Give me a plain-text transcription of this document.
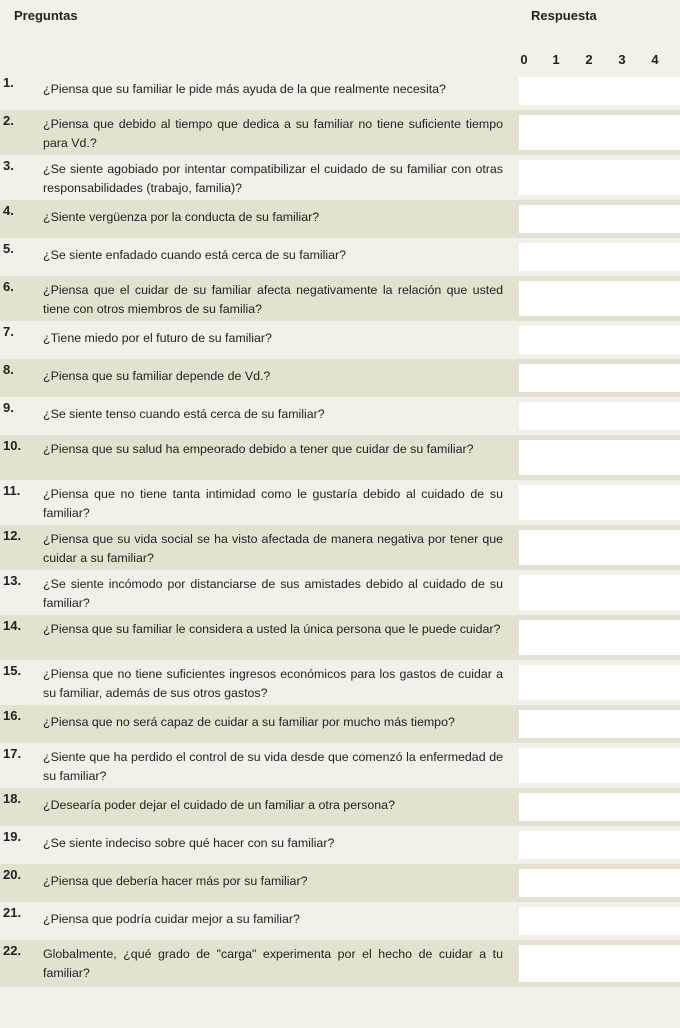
Preguntas	Respuesta
0	1	2	3	4
1. ¿Piensa que su familiar le pide más ayuda de la que realmente necesita?
2. ¿Piensa que debido al tiempo que dedica a su familiar no tiene suficiente tiempo para Vd.?
3. ¿Se siente agobiado por intentar compatibilizar el cuidado de su familiar con otras responsabilidades (trabajo, familia)?
4. ¿Siente vergüenza por la conducta de su familiar?
5. ¿Se siente enfadado cuando está cerca de su familiar?
6. ¿Piensa que el cuidar de su familiar afecta negativamente la relación que usted tiene con otros miembros de su familia?
7. ¿Tiene miedo por el futuro de su familiar?
8. ¿Piensa que su familiar depende de Vd.?
9. ¿Se siente tenso cuando está cerca de su familiar?
10. ¿Piensa que su salud ha empeorado debido a tener que cuidar de su familiar?
11. ¿Piensa que no tiene tanta intimidad como le gustaría debido al cuidado de su familiar?
12. ¿Piensa que su vida social se ha visto afectada de manera negativa por tener que cuidar a su familiar?
13. ¿Se siente incómodo por distanciarse de sus amistades debido al cuidado de su familiar?
14. ¿Piensa que su familiar le considera a usted la única persona que le puede cuidar?
15. ¿Piensa que no tiene suficientes ingresos económicos para los gastos de cuidar a su familiar, además de sus otros gastos?
16. ¿Piensa que no será capaz de cuidar a su familiar por mucho más tiempo?
17. ¿Siente que ha perdido el control de su vida desde que comenzó la enfermedad de su familiar?
18. ¿Desearía poder dejar el cuidado de un familiar a otra persona?
19. ¿Se siente indeciso sobre qué hacer con su familiar?
20. ¿Piensa que debería hacer más por su familiar?
21. ¿Piensa que podría cuidar mejor a su familiar?
22. Globalmente, ¿qué grado de "carga" experimenta por el hecho de cuidar a tu familiar?
